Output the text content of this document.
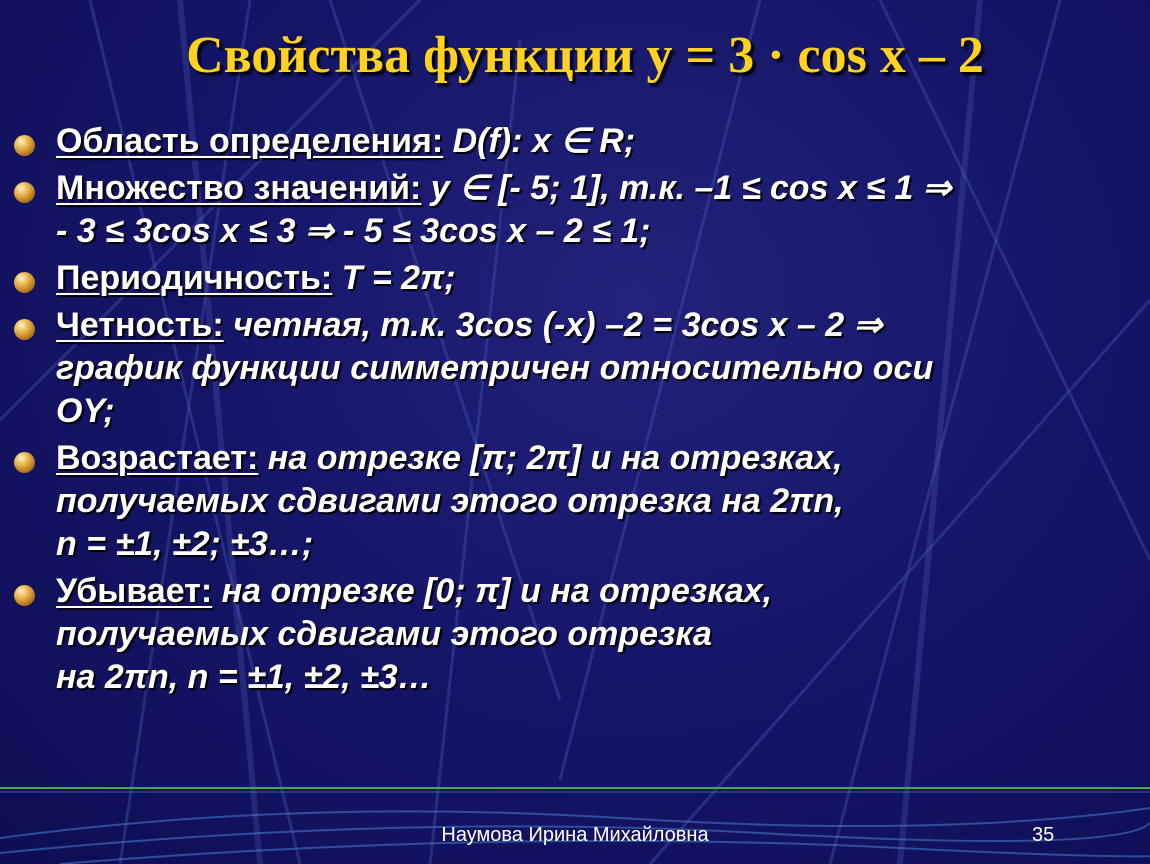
Свойства функции y = 3 · cos x – 2
Область определения: D(f): x ∈ R;
Множество значений: y ∈ [- 5; 1], т.к. –1 ≤ cos x ≤ 1 ⇒
- 3 ≤ 3cos x ≤ 3 ⇒ - 5 ≤ 3cos x – 2 ≤ 1;
Периодичность: T = 2π;
Четность: четная, т.к. 3cos (-x) –2 = 3cos x – 2 ⇒
график функции симметричен относительно оси
OY;
Возрастает: на отрезке [π; 2π] и на отрезках,
получаемых сдвигами этого отрезка на 2πn,
n = ±1, ±2; ±3…;
Убывает: на отрезке [0; π] и на отрезках,
получаемых сдвигами этого отрезка
на 2πn, n = ±1, ±2, ±3…
Наумова Ирина Михайловна	35
